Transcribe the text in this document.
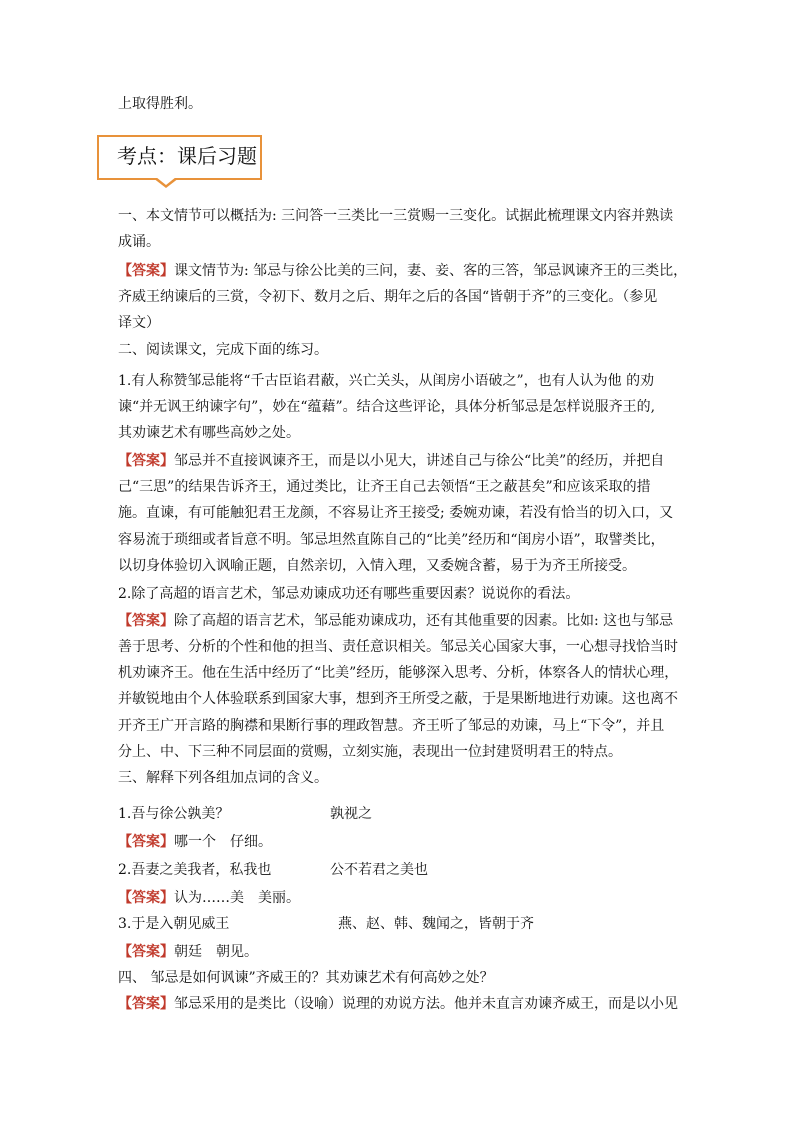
上取得胜利。
考点：课后习题
一、本文情节可以概括为: 三问答一三类比一三赏赐一三变化。试据此梳理课文内容并熟读
成诵。
【答案】课文情节为: 邹忌与徐公比美的三问，妻、妾、客的三答，邹忌讽谏齐王的三类比，
齐威王纳谏后的三赏，令初下、数月之后、期年之后的各国“皆朝于齐”的三变化。（参见
译文）
二、阅读课文，完成下面的练习。
1.有人称赞邹忌能将“千古臣谄君蔽，兴亡关头，从闺房小语破之”，也有人认为他 的劝
谏“并无讽王纳谏字句”，妙在“蕴藉”。结合这些评论，具体分析邹忌是怎样说服齐王的,
其劝谏艺术有哪些高妙之处。
【答案】邹忌并不直接讽谏齐王，而是以小见大，讲述自己与徐公“比美”的经历，并把自
己“三思”的结果告诉齐王，通过类比，让齐王自己去领悟“王之蔽甚矣”和应该采取的措
施。直谏，有可能触犯君王龙颜，不容易让齐王接受; 委婉劝谏，若没有恰当的切入口，又
容易流于琐细或者旨意不明。邹忌坦然直陈自己的“比美”经历和“闺房小语”，取譬类比，
以切身体验切入讽喻正题，自然亲切，入情入理，又委婉含蓄，易于为齐王所接受。
2.除了高超的语言艺术，邹忌劝谏成功还有哪些重要因素？说说你的看法。
【答案】除了高超的语言艺术，邹忌能劝谏成功，还有其他重要的因素。比如: 这也与邹忌
善于思考、分析的个性和他的担当、责任意识相关。邹忌关心国家大事，一心想寻找恰当时
机劝谏齐王。他在生活中经历了“比美”经历，能够深入思考、分析，体察各人的情状心理，
并敏锐地由个人体验联系到国家大事，想到齐王所受之蔽，于是果断地进行劝谏。这也离不
开齐王广开言路的胸襟和果断行事的理政智慧。齐王听了邹忌的劝谏，马上“下令”，并且
分上、中、下三种不同层面的赏赐，立刻实施，表现出一位封建贤明君王的特点。
三、解释下列各组加点词的含义。
1.吾与徐公孰美？	孰视之
【答案】哪一个　仔细。
2.吾妻之美我者，私我也	公不若君之美也
【答案】认为……美　美丽。
3.于是入朝见威王	燕、赵、韩、魏闻之，皆朝于齐
【答案】朝廷　朝见。
四、 邹忌是如何讽谏”齐威王的？其劝谏艺术有何高妙之处？
【答案】邹忌采用的是类比（设喻）说理的劝说方法。他并未直言劝谏齐威王，而是以小见
